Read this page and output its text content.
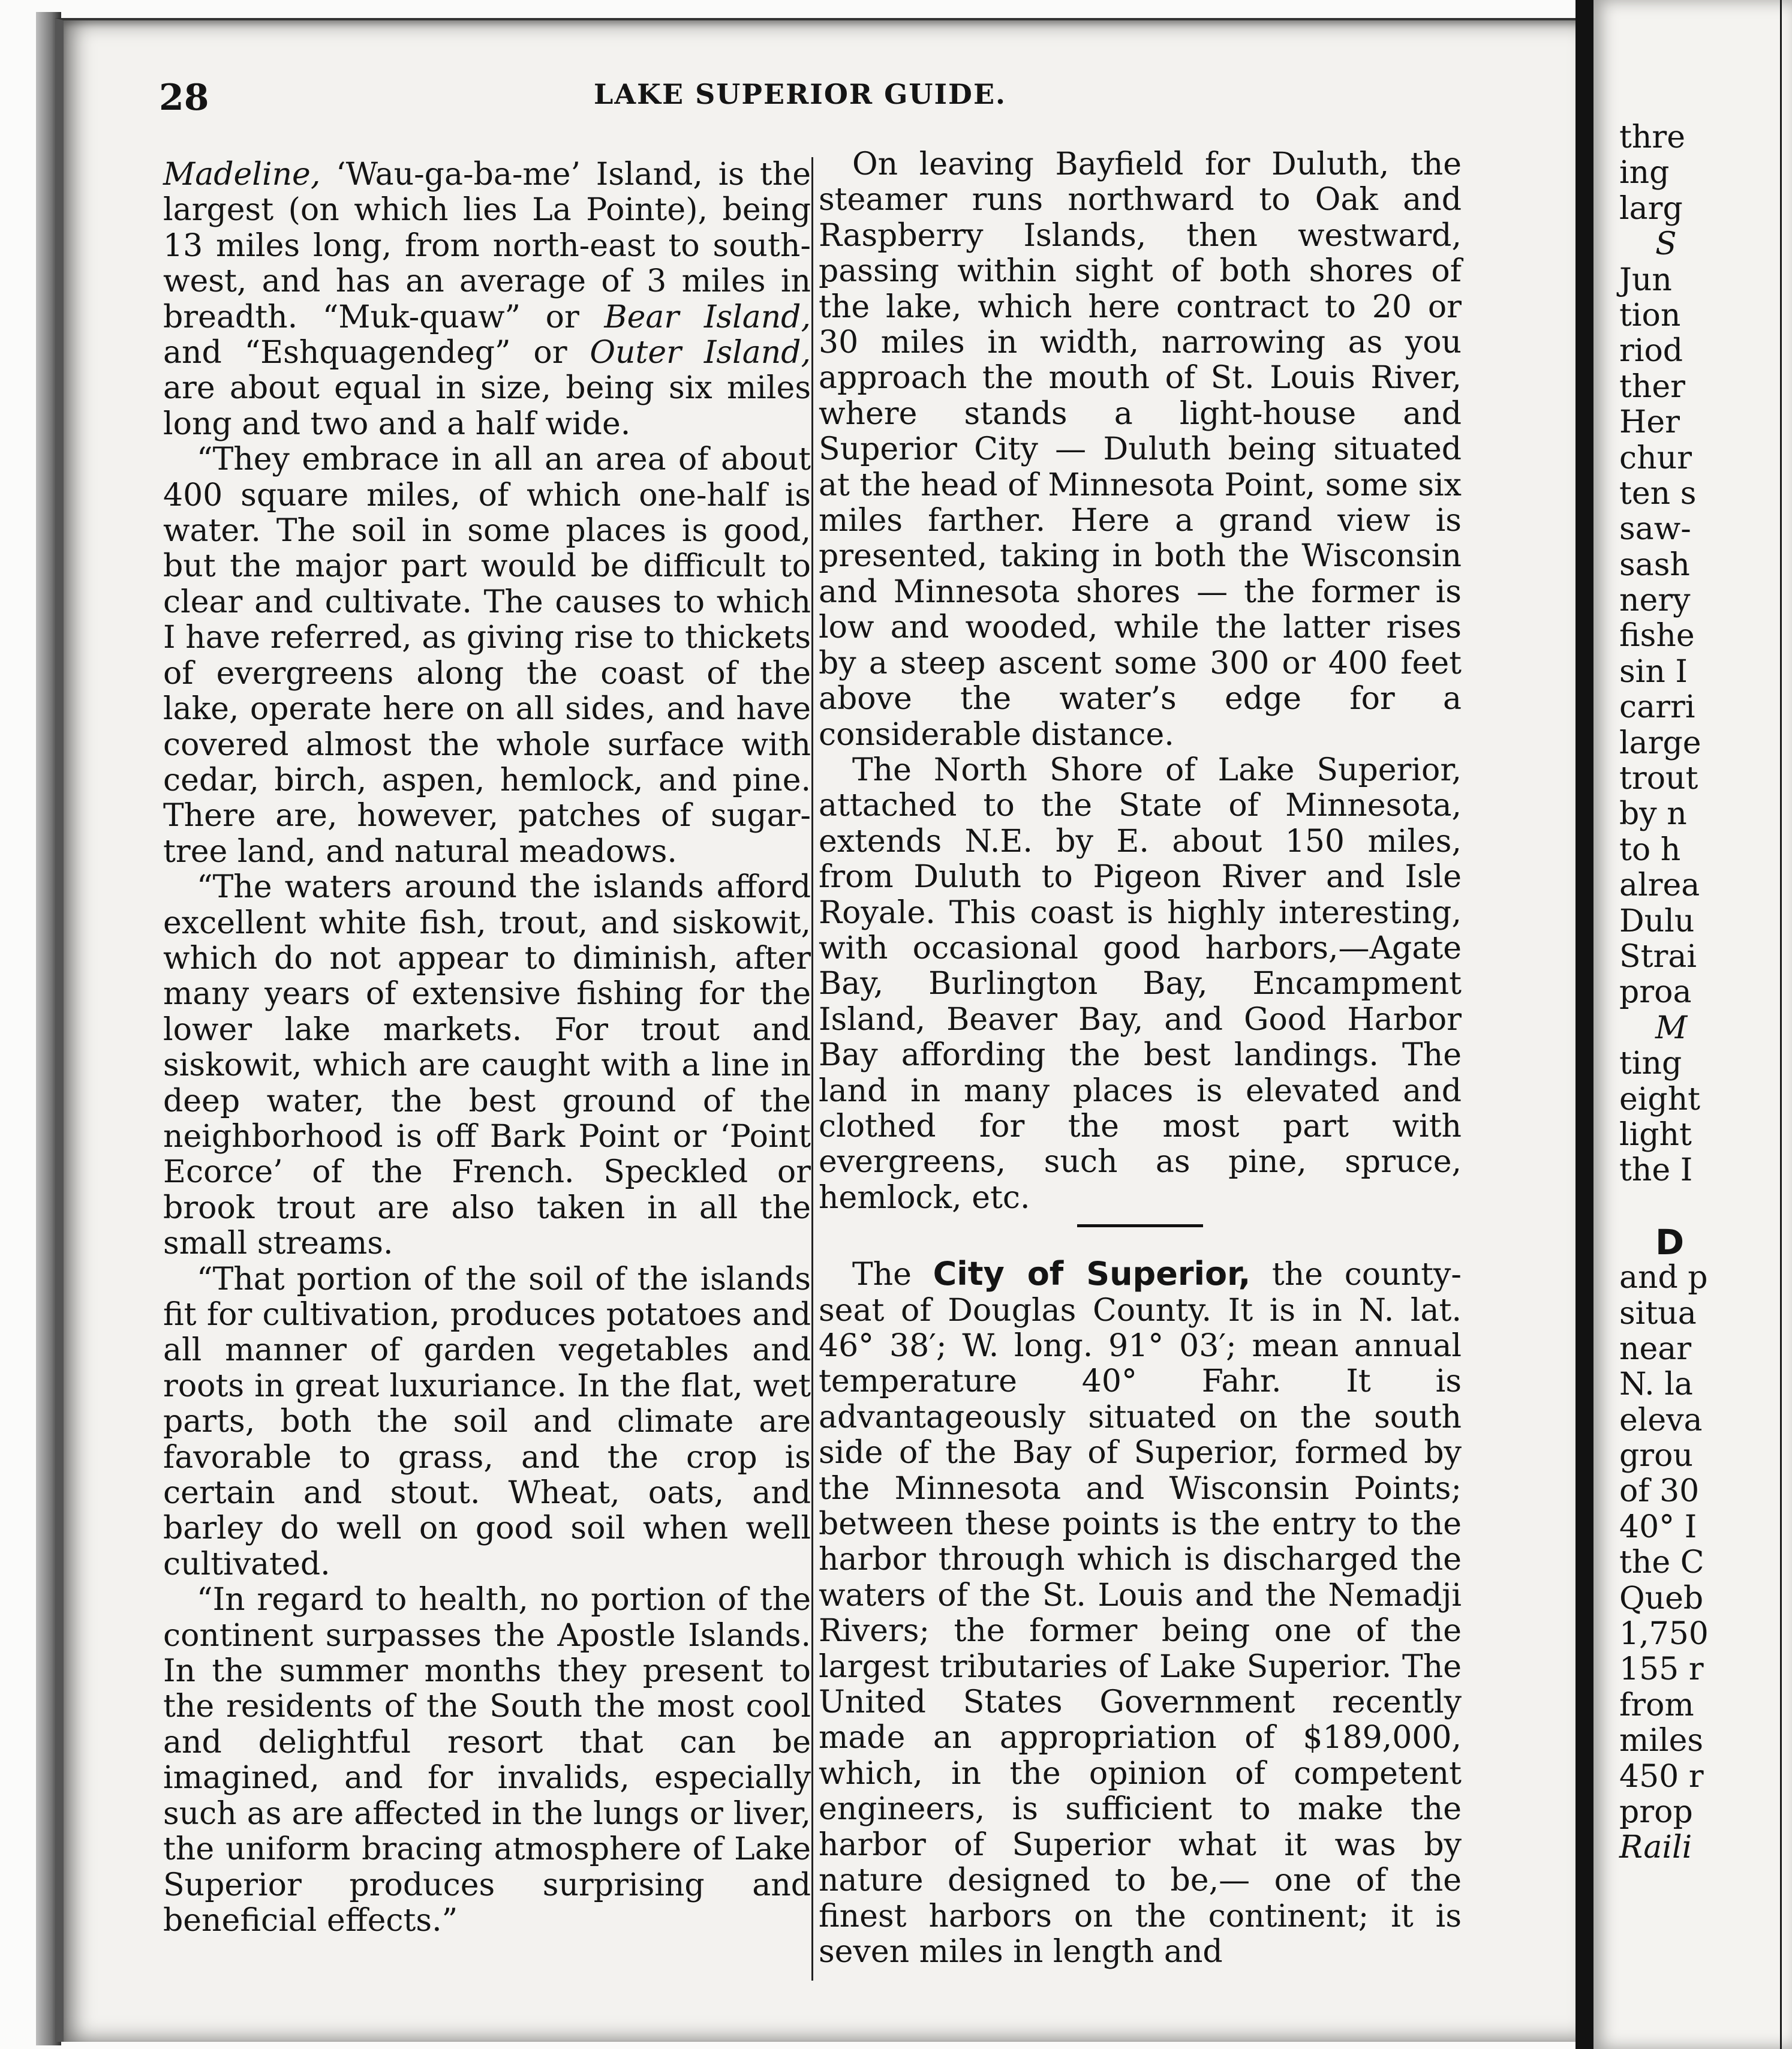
28	LAKE SUPERIOR GUIDE.

Madeline, ‘Wau-ga-ba-me’ Island, is the largest (on which lies La Pointe), being 13 miles long, from north-east to south-west, and has an average of 3 miles in breadth. “Muk-quaw” or Bear Island, and “Eshquagendeg” or Outer Island, are about equal in size, being six miles long and two and a half wide.

“They embrace in all an area of about 400 square miles, of which one-half is water. The soil in some places is good, but the major part would be difficult to clear and cultivate. The causes to which I have referred, as giving rise to thickets of evergreens along the coast of the lake, operate here on all sides, and have covered almost the whole surface with cedar, birch, aspen, hemlock, and pine. There are, however, patches of sugar-tree land, and natural meadows.

“The waters around the islands afford excellent white fish, trout, and siskowit, which do not appear to diminish, after many years of extensive fishing for the lower lake markets. For trout and siskowit, which are caught with a line in deep water, the best ground of the neighborhood is off Bark Point or ‘Point Ecorce’ of the French. Speckled or brook trout are also taken in all the small streams.

“That portion of the soil of the islands fit for cultivation, produces potatoes and all manner of garden vegetables and roots in great luxuriance. In the flat, wet parts, both the soil and climate are favorable to grass, and the crop is certain and stout. Wheat, oats, and barley do well on good soil when well cultivated.

“In regard to health, no portion of the continent surpasses the Apostle Islands. In the summer months they present to the residents of the South the most cool and delightful resort that can be imagined, and for invalids, especially such as are affected in the lungs or liver, the uniform bracing atmosphere of Lake Superior produces surprising and beneficial effects.”

On leaving Bayfield for Duluth, the steamer runs northward to Oak and Raspberry Islands, then westward, passing within sight of both shores of the lake, which here contract to 20 or 30 miles in width, narrowing as you approach the mouth of St. Louis River, where stands a light-house and Superior City — Duluth being situated at the head of Minnesota Point, some six miles farther. Here a grand view is presented, taking in both the Wisconsin and Minnesota shores — the former is low and wooded, while the latter rises by a steep ascent some 300 or 400 feet above the water’s edge for a considerable distance.

The North Shore of Lake Superior, attached to the State of Minnesota, extends N.E. by E. about 150 miles, from Duluth to Pigeon River and Isle Royale. This coast is highly interesting, with occasional good harbors,—Agate Bay, Burlington Bay, Encampment Island, Beaver Bay, and Good Harbor Bay affording the best landings. The land in many places is elevated and clothed for the most part with evergreens, such as pine, spruce, hemlock, etc.

The City of Superior, the county-seat of Douglas County. It is in N. lat. 46° 38′; W. long. 91° 03′; mean annual temperature 40° Fahr. It is advantageously situated on the south side of the Bay of Superior, formed by the Minnesota and Wisconsin Points; between these points is the entry to the harbor through which is discharged the waters of the St. Louis and the Nemadji Rivers; the former being one of the largest tributaries of Lake Superior. The United States Government recently made an appropriation of $189,000, which, in the opinion of competent engineers, is sufficient to make the harbor of Superior what it was by nature designed to be,— one of the finest harbors on the continent; it is seven miles in length and

thre
ing
larg
S
Jun
tion
riod
ther
Her
chur
ten s
saw-
sash
nery
fishe
sin I
carri
large
trout
by n
to h
alrea
Dulu
Strai
proa
M
ting
eight
light
the I
D
and p
situa
near
N. la
eleva
grou
of 30
40° I
the C
Queb
1,750
155 r
from
miles
450 r
prop
Raili
